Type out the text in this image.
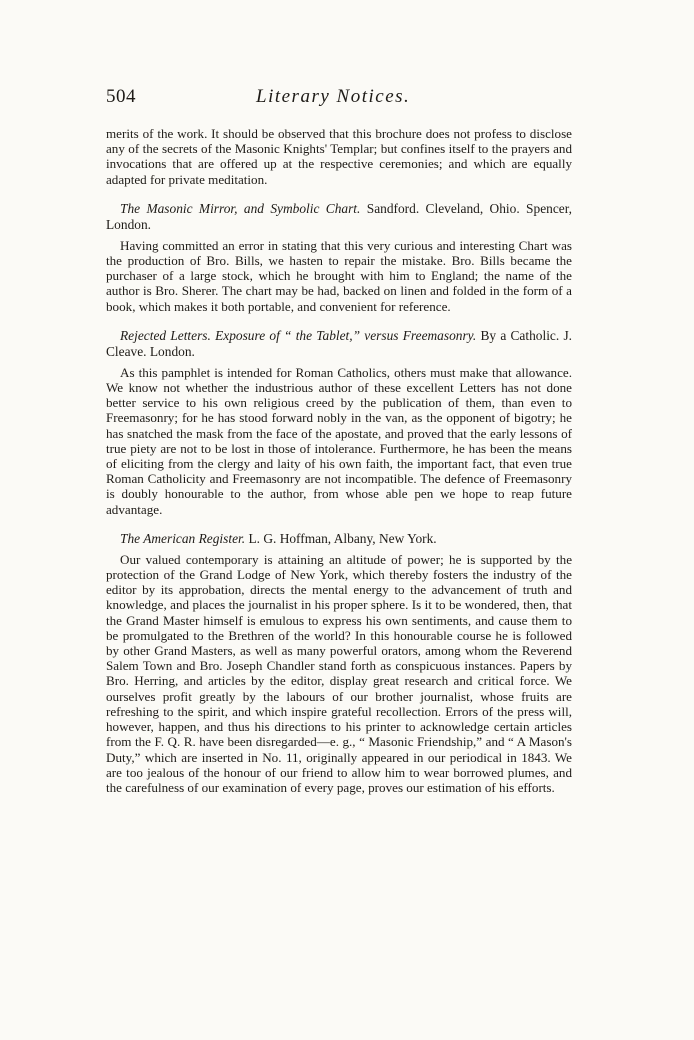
504	Literary Notices.

merits of the work. It should be observed that this brochure does not profess to disclose any of the secrets of the Masonic Knights' Templar; but confines itself to the prayers and invocations that are offered up at the respective ceremonies; and which are equally adapted for private meditation.

The Masonic Mirror, and Symbolic Chart. Sandford. Cleveland, Ohio. Spencer, London.

Having committed an error in stating that this very curious and interesting Chart was the production of Bro. Bills, we hasten to repair the mistake. Bro. Bills became the purchaser of a large stock, which he brought with him to England; the name of the author is Bro. Sherer. The chart may be had, backed on linen and folded in the form of a book, which makes it both portable, and convenient for reference.

Rejected Letters. Exposure of “ the Tablet,” versus Freemasonry. By a Catholic. J. Cleave. London.

As this pamphlet is intended for Roman Catholics, others must make that allowance. We know not whether the industrious author of these excellent Letters has not done better service to his own religious creed by the publication of them, than even to Freemasonry; for he has stood forward nobly in the van, as the opponent of bigotry; he has snatched the mask from the face of the apostate, and proved that the early lessons of true piety are not to be lost in those of intolerance. Furthermore, he has been the means of eliciting from the clergy and laity of his own faith, the important fact, that even true Roman Catholicity and Freemasonry are not incompatible. The defence of Freemasonry is doubly honourable to the author, from whose able pen we hope to reap future advantage.

The American Register. L. G. Hoffman, Albany, New York.

Our valued contemporary is attaining an altitude of power; he is supported by the protection of the Grand Lodge of New York, which thereby fosters the industry of the editor by its approbation, directs the mental energy to the advancement of truth and knowledge, and places the journalist in his proper sphere. Is it to be wondered, then, that the Grand Master himself is emulous to express his own sentiments, and cause them to be promulgated to the Brethren of the world? In this honourable course he is followed by other Grand Masters, as well as many powerful orators, among whom the Reverend Salem Town and Bro. Joseph Chandler stand forth as conspicuous instances. Papers by Bro. Herring, and articles by the editor, display great research and critical force. We ourselves profit greatly by the labours of our brother journalist, whose fruits are refreshing to the spirit, and which inspire grateful recollection. Errors of the press will, however, happen, and thus his directions to his printer to acknowledge certain articles from the F. Q. R. have been disregarded—e. g., “ Masonic Friendship,” and “ A Mason's Duty,” which are inserted in No. 11, originally appeared in our periodical in 1843. We are too jealous of the honour of our friend to allow him to wear borrowed plumes, and the carefulness of our examination of every page, proves our estimation of his efforts.
